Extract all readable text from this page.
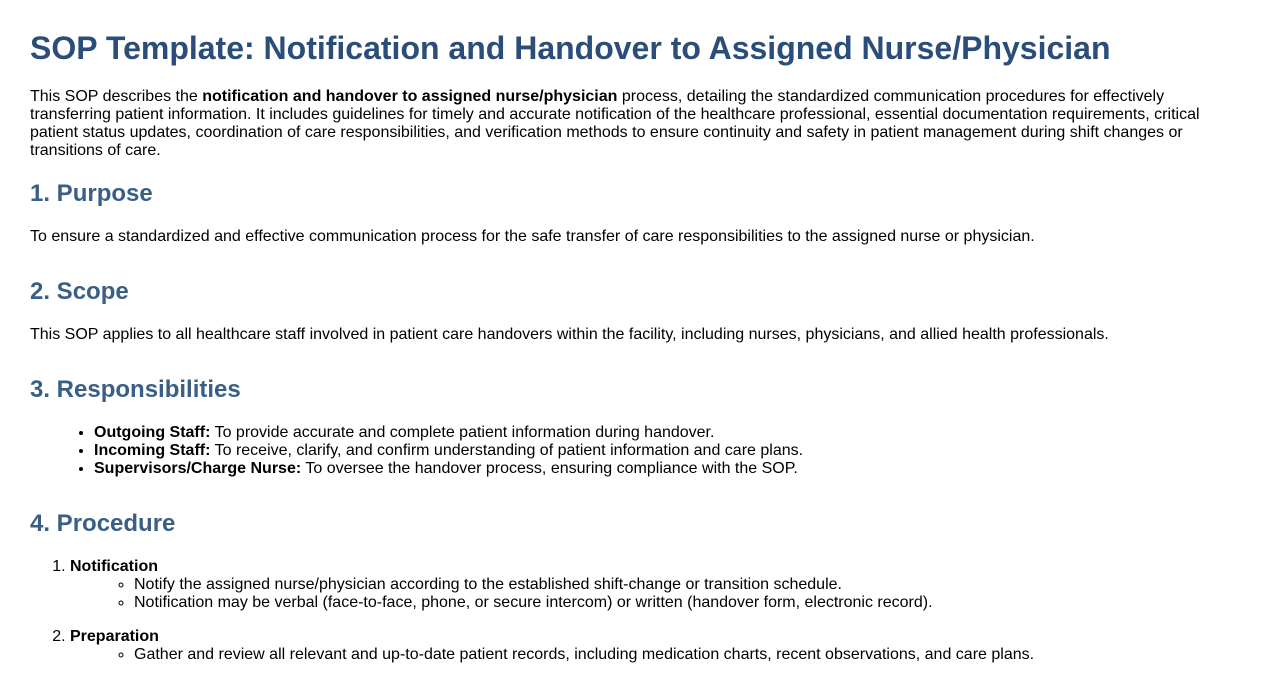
SOP Template: Notification and Handover to Assigned Nurse/Physician

This SOP describes the notification and handover to assigned nurse/physician process, detailing the standardized communication procedures for effectively transferring patient information. It includes guidelines for timely and accurate notification of the healthcare professional, essential documentation requirements, critical patient status updates, coordination of care responsibilities, and verification methods to ensure continuity and safety in patient management during shift changes or transitions of care.

1. Purpose

To ensure a standardized and effective communication process for the safe transfer of care responsibilities to the assigned nurse or physician.

2. Scope

This SOP applies to all healthcare staff involved in patient care handovers within the facility, including nurses, physicians, and allied health professionals.

3. Responsibilities
• Outgoing Staff: To provide accurate and complete patient information during handover.
• Incoming Staff: To receive, clarify, and confirm understanding of patient information and care plans.
• Supervisors/Charge Nurse: To oversee the handover process, ensuring compliance with the SOP.
4. Procedure
1. Notification
◦ Notify the assigned nurse/physician according to the established shift-change or transition schedule.
◦ Notification may be verbal (face-to-face, phone, or secure intercom) or written (handover form, electronic record).
2. Preparation
◦ Gather and review all relevant and up-to-date patient records, including medication charts, recent observations, and care plans.
